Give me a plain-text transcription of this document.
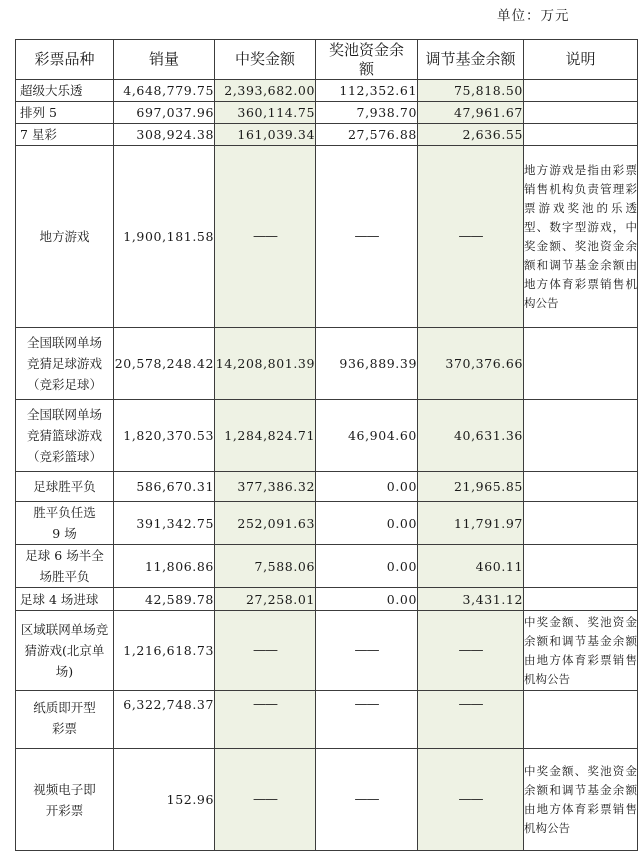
单位：万元
彩票品种	销量	中奖金额	奖池资金余额	调节基金余额	说明
超级大乐透	4,648,779.75	2,393,682.00	112,352.61	75,818.50	
排列 5	697,037.96	360,114.75	7,938.70	47,961.67	
7 星彩	308,924.38	161,039.34	27,576.88	2,636.55	
地方游戏	1,900,181.58	——	——	——	地方游戏是指由彩票销售机构负责管理彩票游戏奖池的乐透型、数字型游戏，中奖金额、奖池资金余额和调节基金余额由地方体育彩票销售机构公告
全国联网单场竞猜足球游戏（竞彩足球）	20,578,248.42	14,208,801.39	936,889.39	370,376.66	
全国联网单场竞猜篮球游戏（竞彩篮球）	1,820,370.53	1,284,824.71	46,904.60	40,631.36	
足球胜平负	586,670.31	377,386.32	0.00	21,965.85	
胜平负任选 9 场	391,342.75	252,091.63	0.00	11,791.97	
足球 6 场半全场胜平负	11,806.86	7,588.06	0.00	460.11	
足球 4 场进球	42,589.78	27,258.01	0.00	3,431.12	
区域联网单场竞猜游戏(北京单场)	1,216,618.73	——	——	——	中奖金额、奖池资金余额和调节基金余额由地方体育彩票销售机构公告
纸质即开型彩票	6,322,748.37	——	——	——	
视频电子即开彩票	152.96	——	——	——	中奖金额、奖池资金余额和调节基金余额由地方体育彩票销售机构公告
